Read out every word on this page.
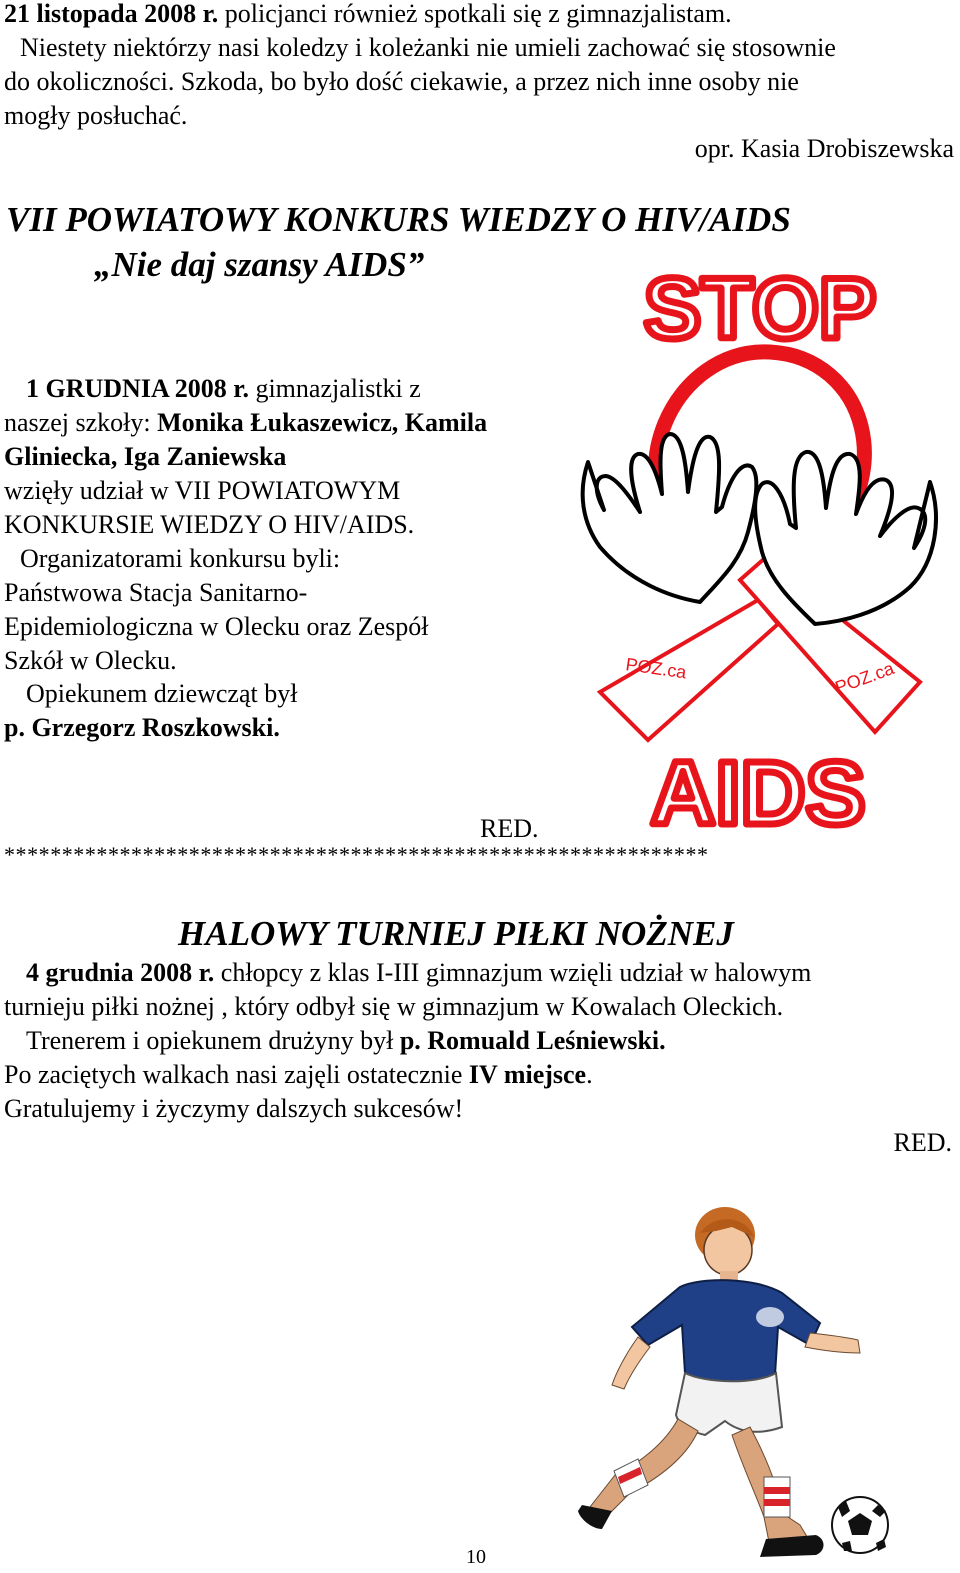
21 listopada 2008 r. policjanci również spotkali się z gimnazjalistam.

Niestety niektórzy nasi koledzy i koleżanki nie umieli zachować się stosownie

do okoliczności. Szkoda, bo było dość ciekawie, a przez nich inne osoby nie

mogły posłuchać.

opr. Kasia Drobiszewska

VII POWIATOWY KONKURS WIEDZY O HIV/AIDS

„Nie daj szansy AIDS”

1 GRUDNIA 2008 r. gimnazjalistki z

naszej szkoły: Monika Łukaszewicz, Kamila

Gliniecka, Iga Zaniewska

wzięły udział w VII POWIATOWYM

KONKURSIE WIEDZY O HIV/AIDS.

Organizatorami konkursu byli:

Państwowa Stacja Sanitarno-

Epidemiologiczna w Olecku oraz Zespół

Szkół w Olecku.

Opiekunem dziewcząt był

p. Grzegorz Roszkowski.

RED.

STOP
POZ.ca	POZ.ca
AIDS

*************************************************************

HALOWY TURNIEJ PIŁKI NOŻNEJ

4 grudnia 2008 r. chłopcy z klas I-III gimnazjum wzięli udział w halowym

turnieju piłki nożnej , który odbył się w gimnazjum w Kowalach Oleckich.

Trenerem i opiekunem drużyny był p. Romuald Leśniewski.

Po zaciętych walkach nasi zajęli ostatecznie IV miejsce.

Gratulujemy i życzymy dalszych sukcesów!

RED.

10
